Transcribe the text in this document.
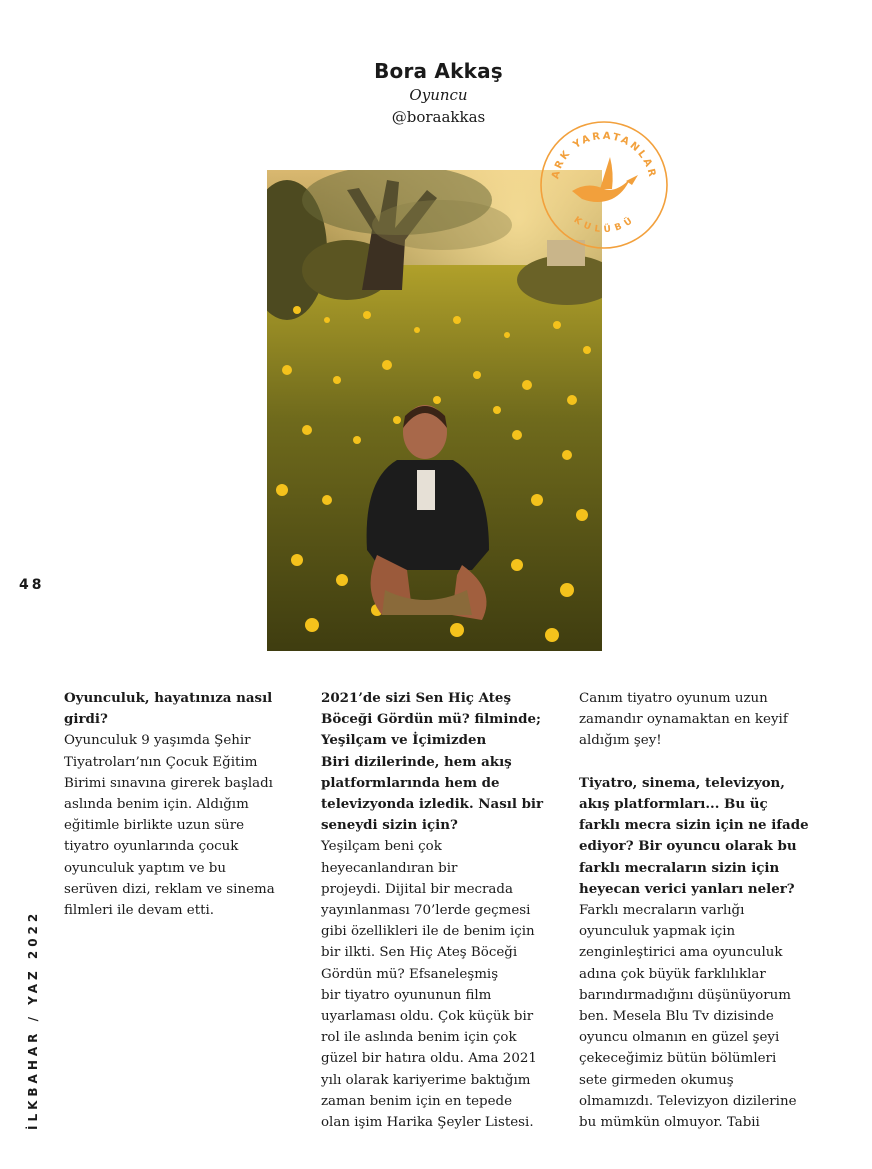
Bora Akkaş
Oyuncu
@boraakkas
ARK YARATANLAR
KULÜBÜ
48
İLKBAHAR / YAZ 2022

Oyunculuk, hayatınıza nasıl

girdi?

Oyunculuk 9 yaşımda Şehir

Tiyatroları’nın Çocuk Eğitim

Birimi sınavına girerek başladı

aslında benim için. Aldığım

eğitimle birlikte uzun süre

tiyatro oyunlarında çocuk

oyunculuk yaptım ve bu

serüven dizi, reklam ve sinema

filmleri ile devam etti.

2021’de sizi Sen Hiç Ateş

Böceği Gördün mü? filminde;

Yeşilçam ve İçimizden

Biri dizilerinde, hem akış

platformlarında hem de

televizyonda izledik. Nasıl bir

seneydi sizin için?

Yeşilçam beni çok

heyecanlandıran bir

projeydi. Dijital bir mecrada

yayınlanması 70’lerde geçmesi

gibi özellikleri ile de benim için

bir ilkti. Sen Hiç Ateş Böceği

Gördün mü? Efsaneleşmiş

bir tiyatro oyununun film

uyarlaması oldu. Çok küçük bir

rol ile aslında benim için çok

güzel bir hatıra oldu. Ama 2021

yılı olarak kariyerime baktığım

zaman benim için en tepede

olan işim Harika Şeyler Listesi.

Canım tiyatro oyunum uzun

zamandır oynamaktan en keyif

aldığım şey!

Tiyatro, sinema, televizyon,

akış platformları... Bu üç

farklı mecra sizin için ne ifade

ediyor? Bir oyuncu olarak bu

farklı mecraların sizin için

heyecan verici yanları neler?

Farklı mecraların varlığı

oyunculuk yapmak için

zenginleştirici ama oyunculuk

adına çok büyük farklılıklar

barındırmadığını düşünüyorum

ben. Mesela Blu Tv dizisinde

oyuncu olmanın en güzel şeyi

çekeceğimiz bütün bölümleri

sete girmeden okumuş

olmamızdı. Televizyon dizilerine

bu mümkün olmuyor. Tabii
